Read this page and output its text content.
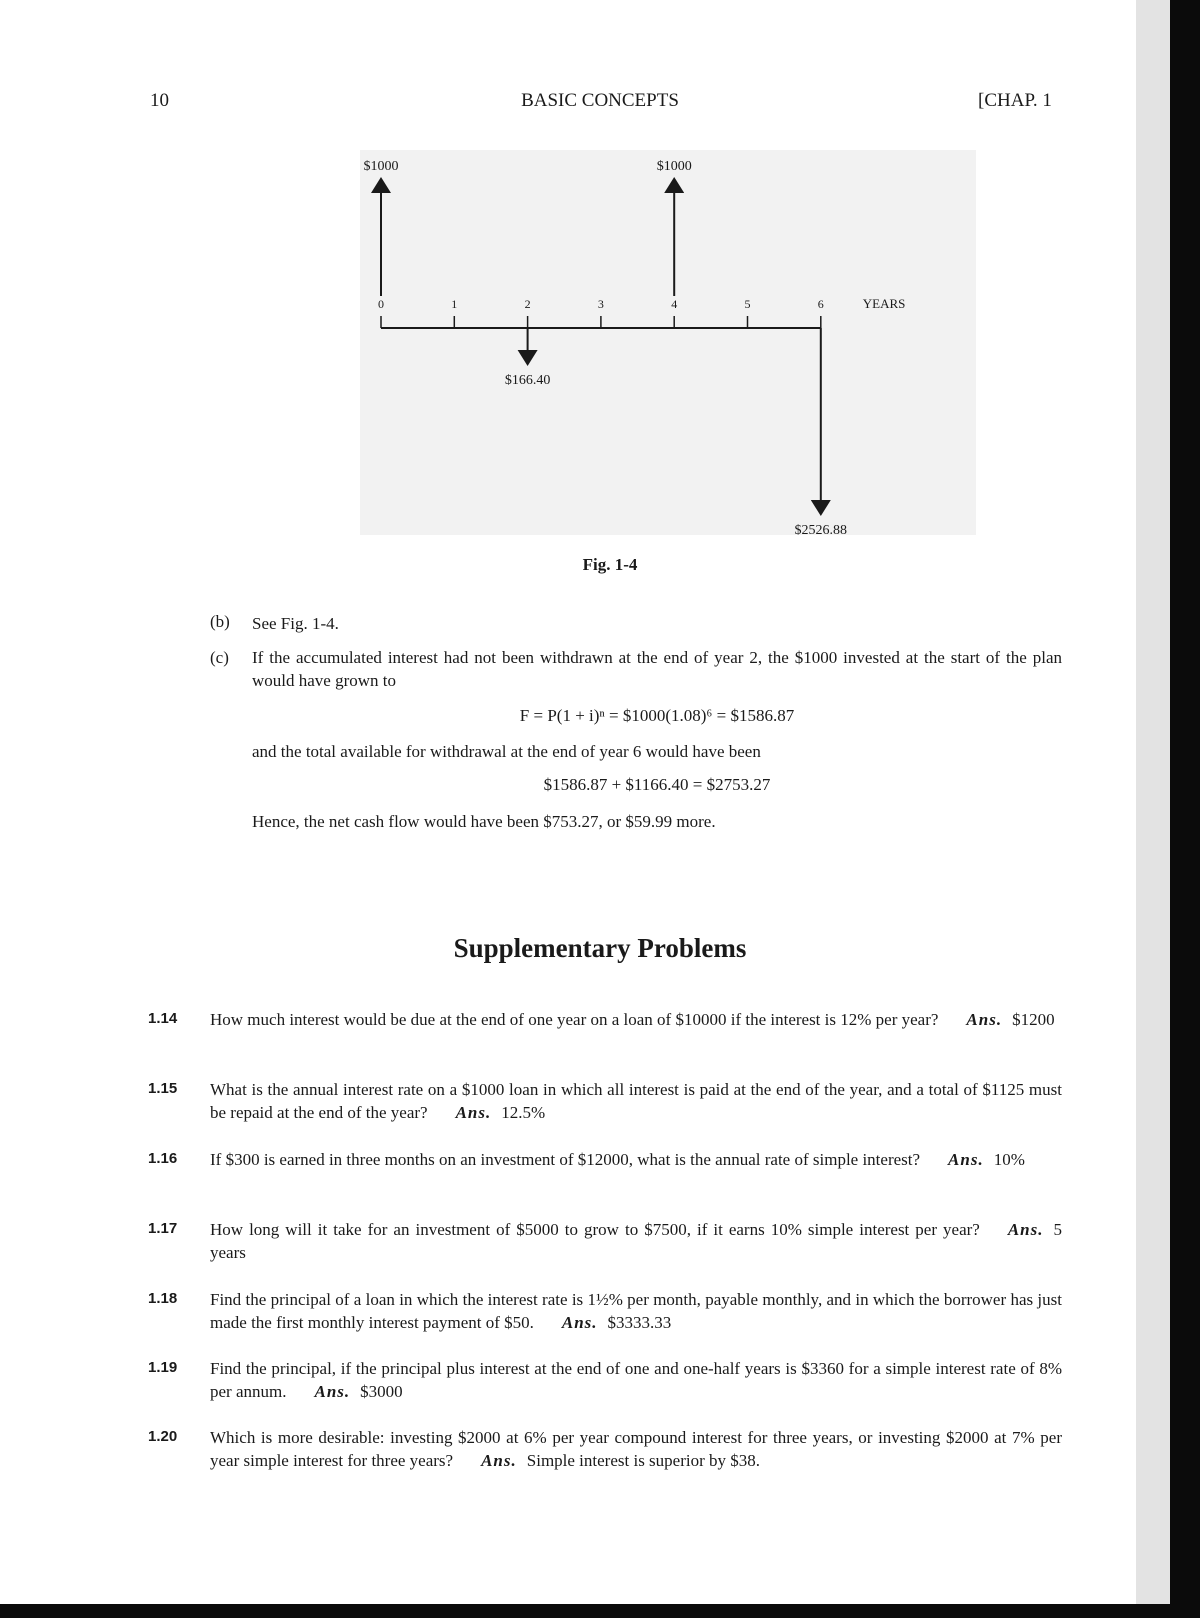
10	BASIC CONCEPTS	[CHAP. 1
0	1	2	3	4	5	6	YEARS
$1000	$1000
$166.40
$2526.88
Fig. 1-4
(b) See Fig. 1-4.
(c) If the accumulated interest had not been withdrawn at the end of year 2, the $1000 invested at the start of the plan would have grown to
F = P(1 + i)ⁿ = $1000(1.08)⁶ = $1586.87
and the total available for withdrawal at the end of year 6 would have been
$1586.87 + $1166.40 = $2753.27
Hence, the net cash flow would have been $753.27, or $59.99 more.
Supplementary Problems
1.14 How much interest would be due at the end of one year on a loan of $10000 if the interest is 12% per year? Ans. $1200
1.15 What is the annual interest rate on a $1000 loan in which all interest is paid at the end of the year, and a total of $1125 must be repaid at the end of the year? Ans. 12.5%
1.16 If $300 is earned in three months on an investment of $12000, what is the annual rate of simple interest? Ans. 10%
1.17 How long will it take for an investment of $5000 to grow to $7500, if it earns 10% simple interest per year? Ans. 5 years
1.18 Find the principal of a loan in which the interest rate is 1½% per month, payable monthly, and in which the borrower has just made the first monthly interest payment of $50. Ans. $3333.33
1.19 Find the principal, if the principal plus interest at the end of one and one-half years is $3360 for a simple interest rate of 8% per annum. Ans. $3000
1.20 Which is more desirable: investing $2000 at 6% per year compound interest for three years, or investing $2000 at 7% per year simple interest for three years? Ans. Simple interest is superior by $38.
